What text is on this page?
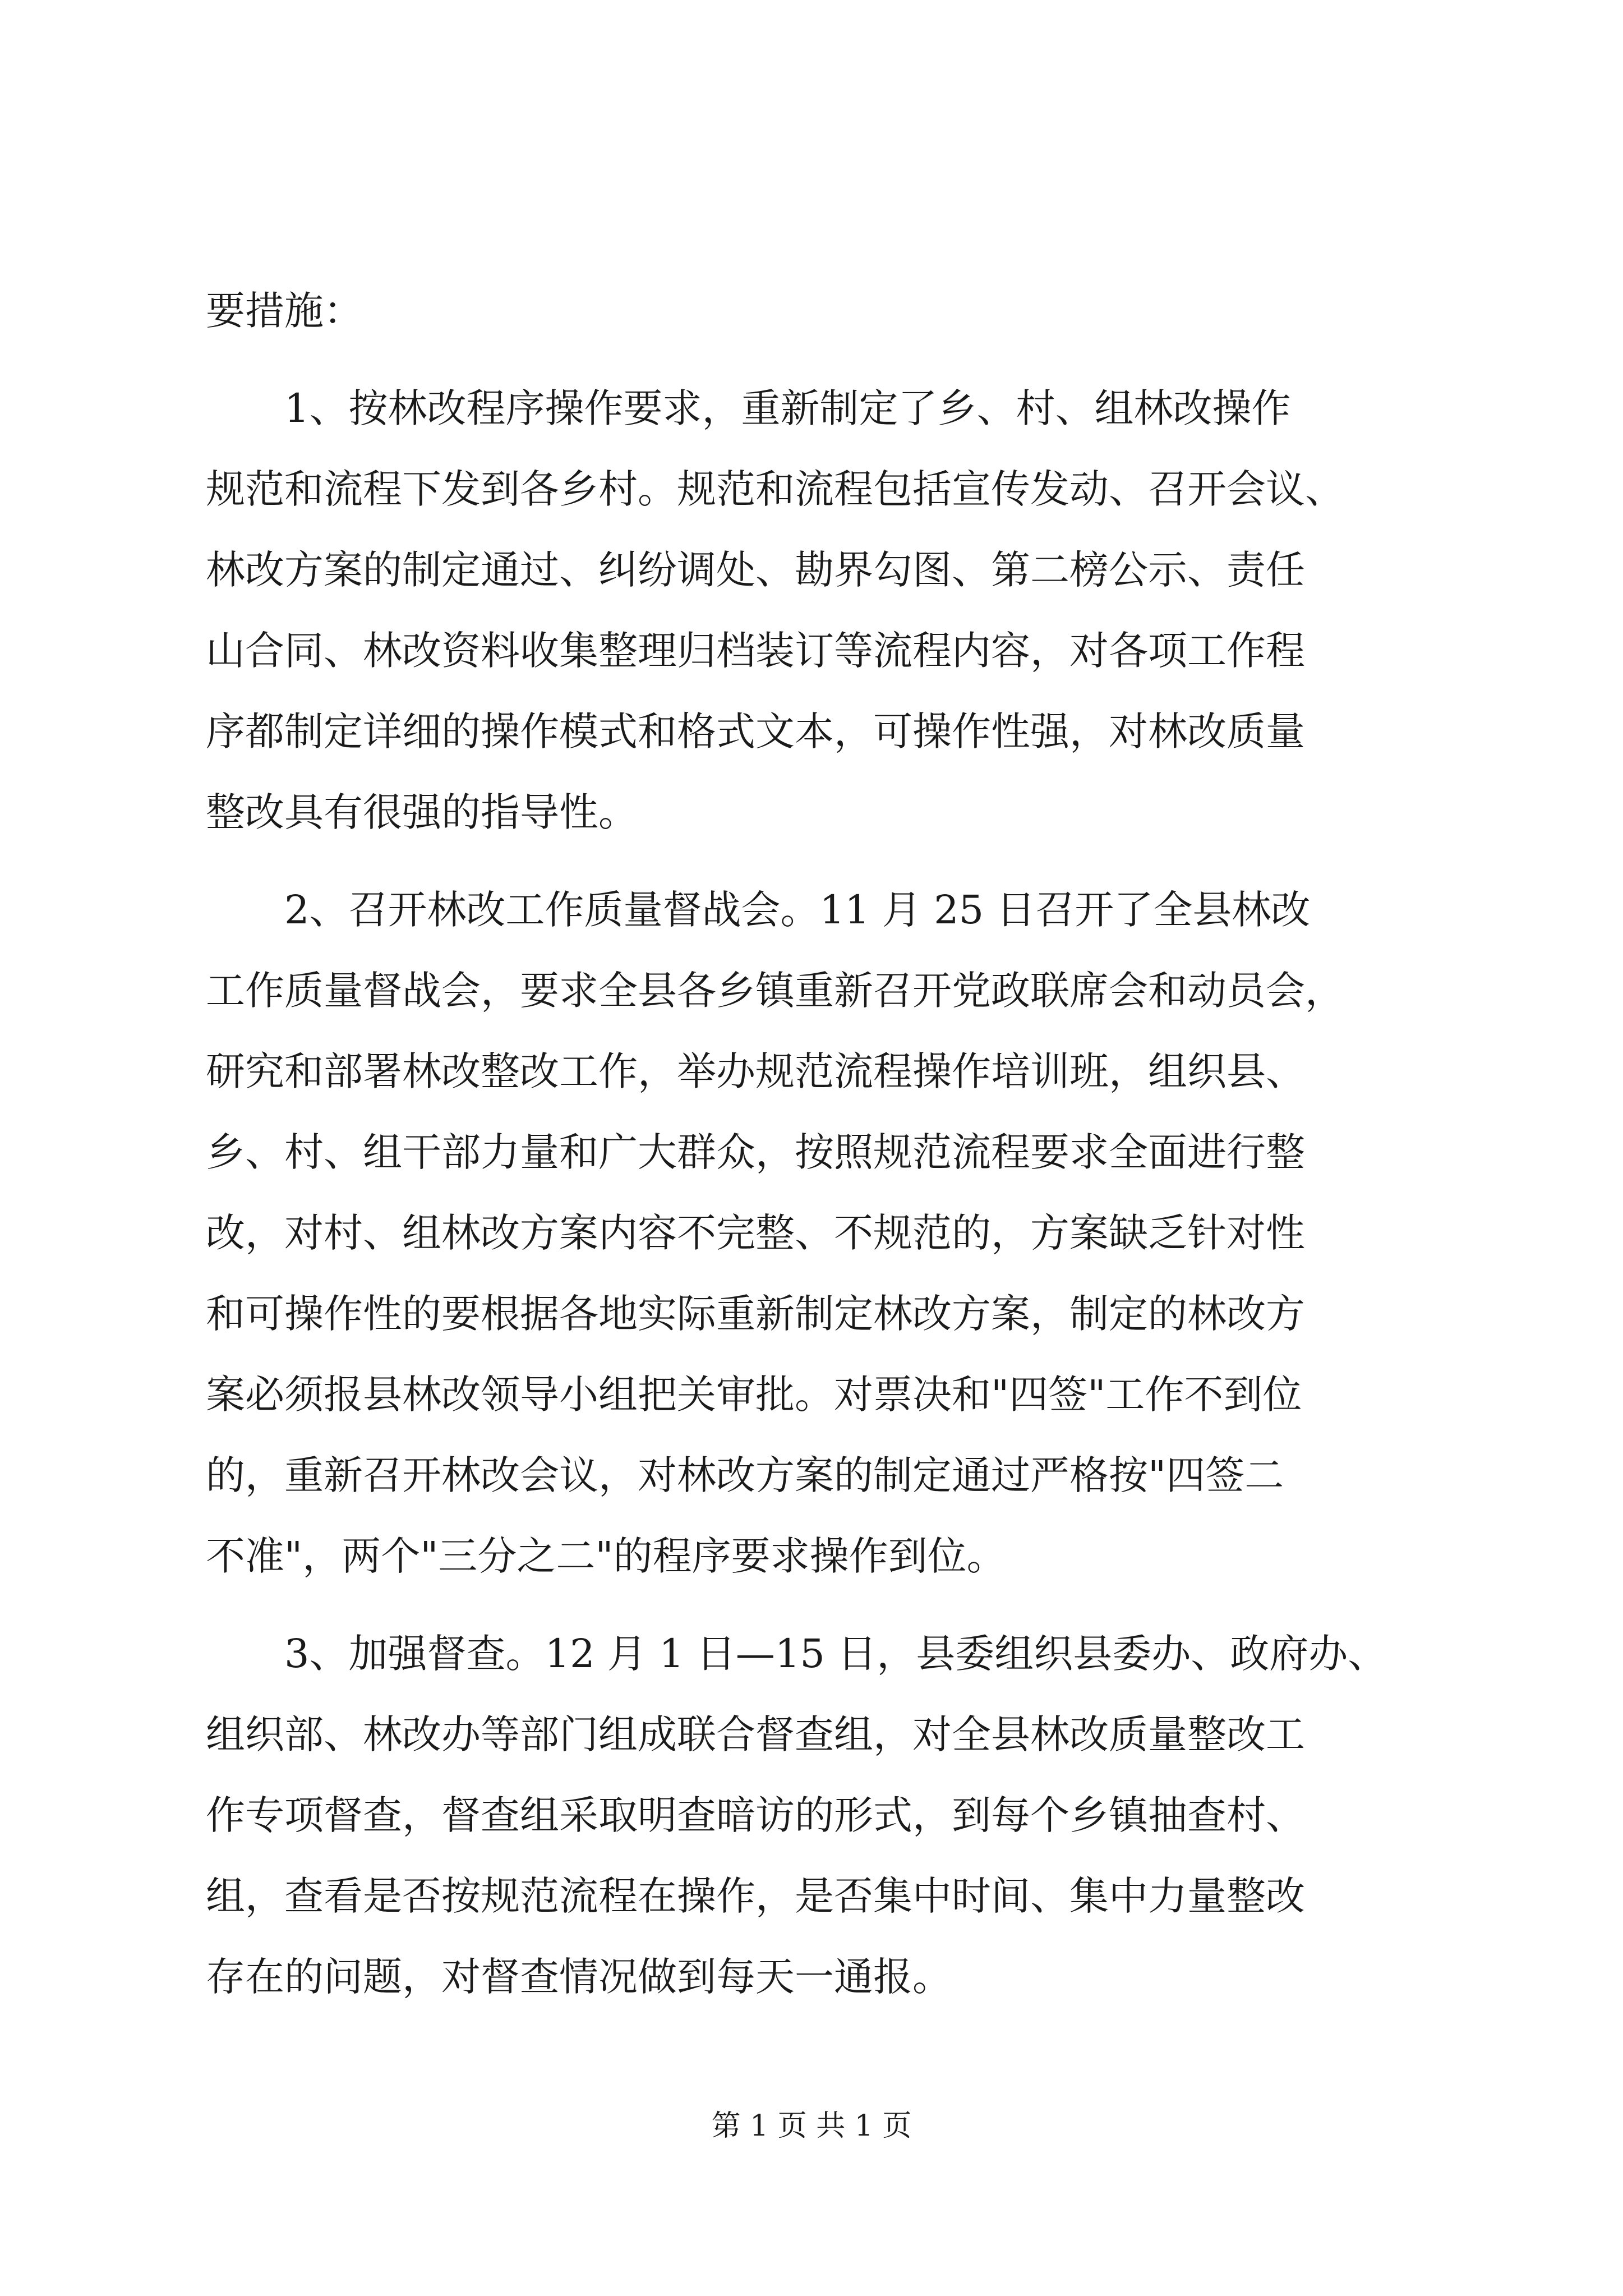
要措施：
　　1、按林改程序操作要求，重新制定了乡、村、组林改操作
规范和流程下发到各乡村。规范和流程包括宣传发动、召开会议、
林改方案的制定通过、纠纷调处、勘界勾图、第二榜公示、责任
山合同、林改资料收集整理归档装订等流程内容，对各项工作程
序都制定详细的操作模式和格式文本，可操作性强，对林改质量
整改具有很强的指导性。
　　2、召开林改工作质量督战会。11 月 25 日召开了全县林改
工作质量督战会，要求全县各乡镇重新召开党政联席会和动员会，
研究和部署林改整改工作，举办规范流程操作培训班，组织县、
乡、村、组干部力量和广大群众，按照规范流程要求全面进行整
改，对村、组林改方案内容不完整、不规范的，方案缺乏针对性
和可操作性的要根据各地实际重新制定林改方案，制定的林改方
案必须报县林改领导小组把关审批。对票决和"四签"工作不到位
的，重新召开林改会议，对林改方案的制定通过严格按"四签二
不准"，两个"三分之二"的程序要求操作到位。
　　3、加强督查。12 月 1 日—15 日，县委组织县委办、政府办、
组织部、林改办等部门组成联合督查组，对全县林改质量整改工
作专项督查，督查组采取明查暗访的形式，到每个乡镇抽查村、
组，查看是否按规范流程在操作，是否集中时间、集中力量整改
存在的问题，对督查情况做到每天一通报。
第 1 页 共 1 页
